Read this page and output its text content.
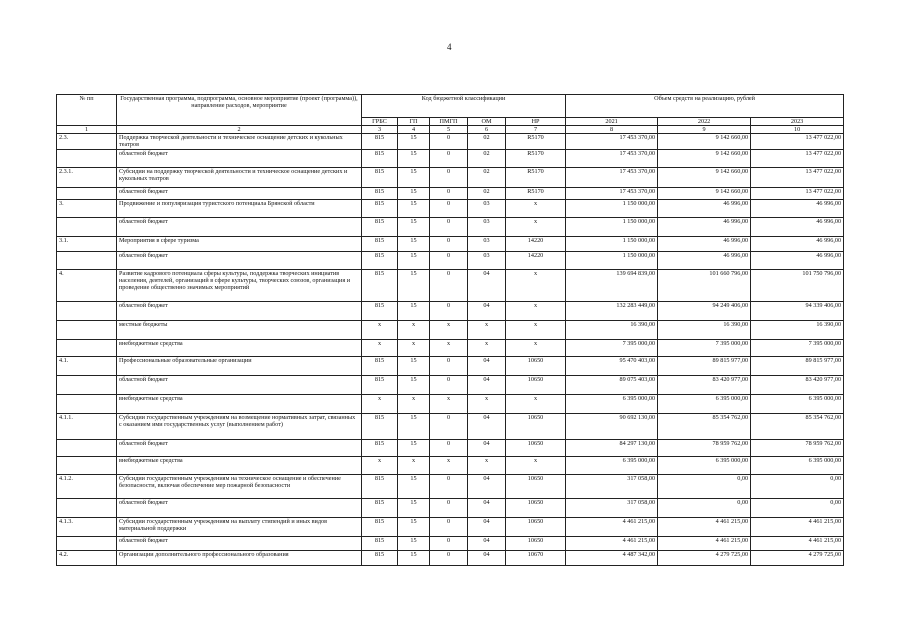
4
№ пп	Государственная программа, подпрограмма, основное мероприятие (проект (программа)), направление расходов, мероприятие	Код бюджетной классификации					Объем средств на реализацию, рублей		
		ГРБС	ГП	ПМГП	ОМ	НР	2021	2022	2023
1	2	3	4	5	6	7	8	9	10
2.3.	Поддержка творческой деятельности и техническое оснащение детских и кукольных театров	815	15	0	02	R5170	17 453 370,00	9 142 660,00	13 477 022,00
	областной бюджет	815	15	0	02	R5170	17 453 370,00	9 142 660,00	13 477 022,00
2.3.1.	Субсидии на поддержку творческой деятельности и техническое оснащение детских и кукольных театров	815	15	0	02	R5170	17 453 370,00	9 142 660,00	13 477 022,00
	областной бюджет	815	15	0	02	R5170	17 453 370,00	9 142 660,00	13 477 022,00
3.	Продвижение и популяризация туристского потенциала Брянской области	815	15	0	03	х	1 150 000,00	46 996,00	46 996,00
	областной бюджет	815	15	0	03	х	1 150 000,00	46 996,00	46 996,00
3.1.	Мероприятия в сфере туризма	815	15	0	03	14220	1 150 000,00	46 996,00	46 996,00
	областной бюджет	815	15	0	03	14220	1 150 000,00	46 996,00	46 996,00
4.	Развитие кадрового потенциала сферы культуры, поддержка творческих инициатив населения, деятелей, организаций в сфере культуры, творческих союзов, организация и проведение общественно значимых мероприятий	815	15	0	04	х	139 694 839,00	101 660 796,00	101 750 796,00
	областной бюджет	815	15	0	04	х	132 283 449,00	94 249 406,00	94 339 406,00
	местные бюджеты	х	х	х	х	х	16 390,00	16 390,00	16 390,00
	внебюджетные средства	х	х	х	х	х	7 395 000,00	7 395 000,00	7 395 000,00
4.1.	Профессиональные образовательные организации	815	15	0	04	10650	95 470 403,00	89 815 977,00	89 815 977,00
	областной бюджет	815	15	0	04	10650	89 075 403,00	83 420 977,00	83 420 977,00
	внебюджетные средства	х	х	х	х	х	6 395 000,00	6 395 000,00	6 395 000,00
4.1.1.	Субсидии государственным учреждениям на возмещение нормативных затрат, связанных с оказанием ими государственных услуг (выполнением работ)	815	15	0	04	10650	90 692 130,00	85 354 762,00	85 354 762,00
	областной бюджет	815	15	0	04	10650	84 297 130,00	78 959 762,00	78 959 762,00
	внебюджетные средства	х	х	х	х	х	6 395 000,00	6 395 000,00	6 395 000,00
4.1.2.	Субсидии государственным учреждениям на техническое оснащение и обеспечение безопасности, включая обеспечение мер пожарной безопасности	815	15	0	04	10650	317 058,00	0,00	0,00
	областной бюджет	815	15	0	04	10650	317 058,00	0,00	0,00
4.1.3.	Субсидии государственным учреждениям на выплату стипендий и иных видов материальной поддержки	815	15	0	04	10650	4 461 215,00	4 461 215,00	4 461 215,00
	областной бюджет	815	15	0	04	10650	4 461 215,00	4 461 215,00	4 461 215,00
4.2.	Организации дополнительного профессионального образования	815	15	0	04	10670	4 487 342,00	4 279 725,00	4 279 725,00
